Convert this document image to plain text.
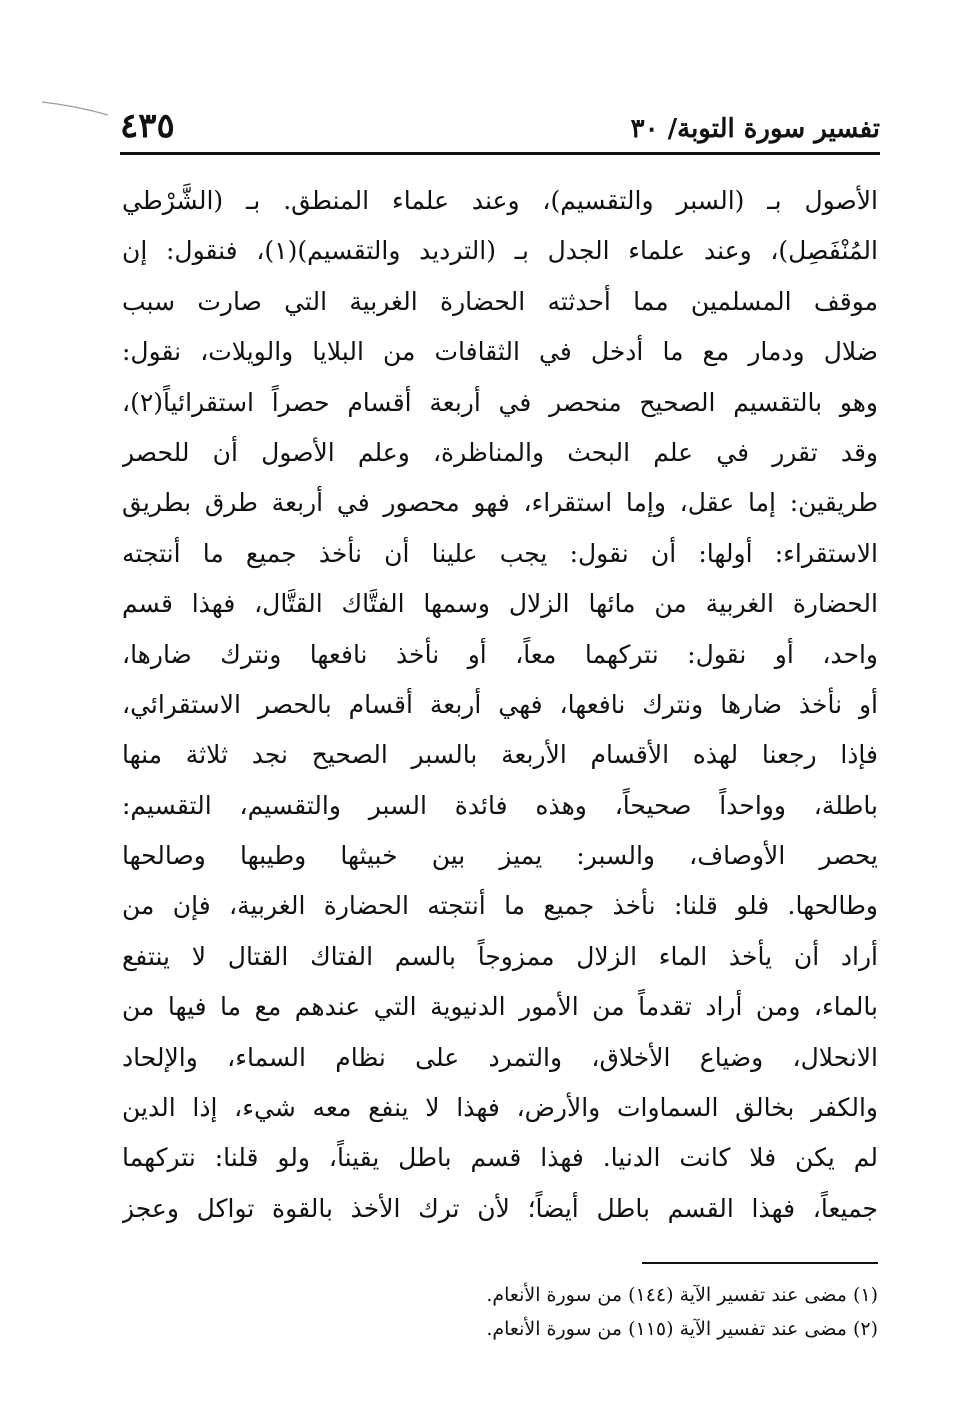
تفسير سورة التوبة/ ٣٠
٤٣٥
الأصول بـ (السبر والتقسيم)، وعند علماء المنطق. بـ (الشَّرْطي
المُنْفَصِل)، وعند علماء الجدل بـ (الترديد والتقسيم)(١)، فنقول: إن
موقف المسلمين مما أحدثته الحضارة الغربية التي صارت سبب
ضلال ودمار مع ما أدخل في الثقافات من البلايا والويلات، نقول:
وهو بالتقسيم الصحيح منحصر في أربعة أقسام حصراً استقرائياً(٢)،
وقد تقرر في علم البحث والمناظرة، وعلم الأصول أن للحصر
طريقين: إما عقل، وإما استقراء، فهو محصور في أربعة طرق بطريق
الاستقراء: أولها: أن نقول: يجب علينا أن نأخذ جميع ما أنتجته
الحضارة الغربية من مائها الزلال وسمها الفتَّاك القتَّال، فهذا قسم
واحد، أو نقول: نتركهما معاً، أو نأخذ نافعها ونترك ضارها،
أو نأخذ ضارها ونترك نافعها، فهي أربعة أقسام بالحصر الاستقرائي،
فإذا رجعنا لهذه الأقسام الأربعة بالسبر الصحيح نجد ثلاثة منها
باطلة، وواحداً صحيحاً، وهذه فائدة السبر والتقسيم، التقسيم:
يحصر الأوصاف، والسبر: يميز بين خبيثها وطيبها وصالحها
وطالحها. فلو قلنا: نأخذ جميع ما أنتجته الحضارة الغربية، فإن من
أراد أن يأخذ الماء الزلال ممزوجاً بالسم الفتاك القتال لا ينتفع
بالماء، ومن أراد تقدماً من الأمور الدنيوية التي عندهم مع ما فيها من
الانحلال، وضياع الأخلاق، والتمرد على نظام السماء، والإلحاد
والكفر بخالق السماوات والأرض، فهذا لا ينفع معه شيء، إذا الدين
لم يكن فلا كانت الدنيا. فهذا قسم باطل يقيناً، ولو قلنا: نتركهما
جميعاً، فهذا القسم باطل أيضاً؛ لأن ترك الأخذ بالقوة تواكل وعجز
(١) مضى عند تفسير الآية (١٤٤) من سورة الأنعام.
(٢) مضى عند تفسير الآية (١١٥) من سورة الأنعام.
